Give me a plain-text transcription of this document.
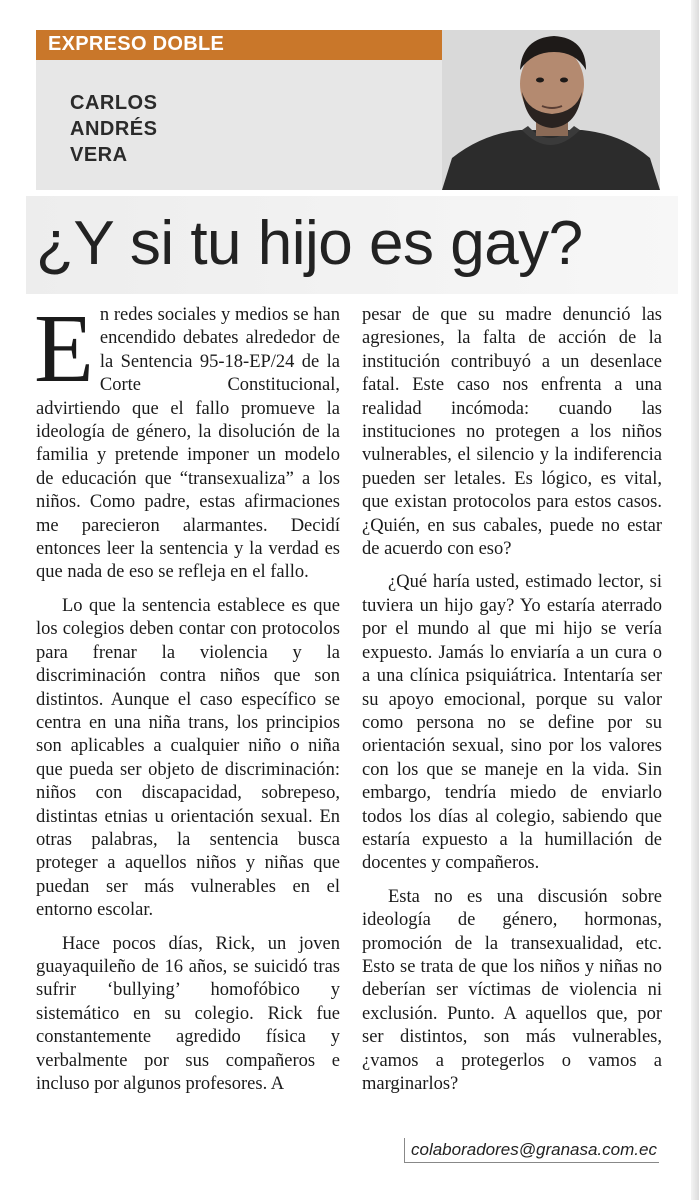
EXPRESO DOBLE
CARLOS
ANDRÉS
VERA
¿Y si tu hijo es gay?

En redes sociales y medios se han encendido debates alrededor de la Sentencia 95-18-EP/24 de la Corte Constitucional, advirtiendo que el fallo promueve la ideología de género, la disolución de la familia y pretende imponer un modelo de educación que “transexualiza” a los niños. Como padre, estas afirmaciones me parecieron alarmantes. Decidí entonces leer la sentencia y la verdad es que nada de eso se refleja en el fallo.

Lo que la sentencia establece es que los colegios deben contar con protocolos para frenar la violencia y la discriminación contra niños que son distintos. Aunque el caso específico se centra en una niña trans, los principios son aplicables a cualquier niño o niña que pueda ser objeto de discriminación: niños con discapacidad, sobrepeso, distintas etnias u orientación sexual. En otras palabras, la sentencia busca proteger a aquellos niños y niñas que puedan ser más vulnerables en el entorno escolar.

Hace pocos días, Rick, un joven guayaquileño de 16 años, se suicidó tras sufrir ‘bullying’ homofóbico y sistemático en su colegio. Rick fue constantemente agredido física y verbalmente por sus compañeros e incluso por algunos profesores. A

pesar de que su madre denunció las agresiones, la falta de acción de la institución contribuyó a un desenlace fatal. Este caso nos enfrenta a una realidad incómoda: cuando las instituciones no protegen a los niños vulnerables, el silencio y la indiferencia pueden ser letales. Es lógico, es vital, que existan protocolos para estos casos. ¿Quién, en sus cabales, puede no estar de acuerdo con eso?

¿Qué haría usted, estimado lector, si tuviera un hijo gay? Yo estaría aterrado por el mundo al que mi hijo se vería expuesto. Jamás lo enviaría a un cura o a una clínica psiquiátrica. Intentaría ser su apoyo emocional, porque su valor como persona no se define por su orientación sexual, sino por los valores con los que se maneje en la vida. Sin embargo, tendría miedo de enviarlo todos los días al colegio, sabiendo que estaría expuesto a la humillación de docentes y compañeros.

Esta no es una discusión sobre ideología de género, hormonas, promoción de la transexualidad, etc. Esto se trata de que los niños y niñas no deberían ser víctimas de violencia ni exclusión. Punto. A aquellos que, por ser distintos, son más vulnerables, ¿vamos a protegerlos o vamos a marginarlos?

colaboradores@granasa.com.ec
